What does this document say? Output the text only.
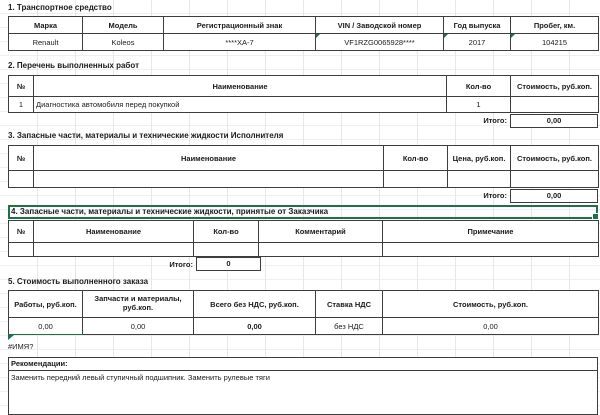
1. Транспортное средство
Марка	Модель	Регистрационный знак	VIN / Заводской номер	Год выпуска	Пробег, км.
Renault	Koleos	****ХА-7	VF1RZG0065928****	2017	104215
2. Перечень выполненных работ
№	Наименование	Кол-во	Стоимость, руб.коп.
1	Диагностика автомобиля перед покупкой	1	
Итого:	0,00
3. Запасные части, материалы и технические жидкости Исполнителя
№	Наименование	Кол-во	Цена, руб.коп.	Стоимость, руб.коп.

Итого:	0,00
4. Запасные части, материалы и технические жидкости, принятые от Заказчика
№	Наименование	Кол-во	Комментарий	Примечание

Итого:	0
5. Стоимость выполненного заказа
Работы, руб.коп.	Запчасти и материалы, руб.коп.	Всего без НДС, руб.коп.	Ставка НДС	Стоимость, руб.коп.
0,00	0,00	0,00	без НДС	0,00
#ИМЯ?
Рекомендации:
Заменить передний левый ступичный подшипник. Заменить рулевые тяги
